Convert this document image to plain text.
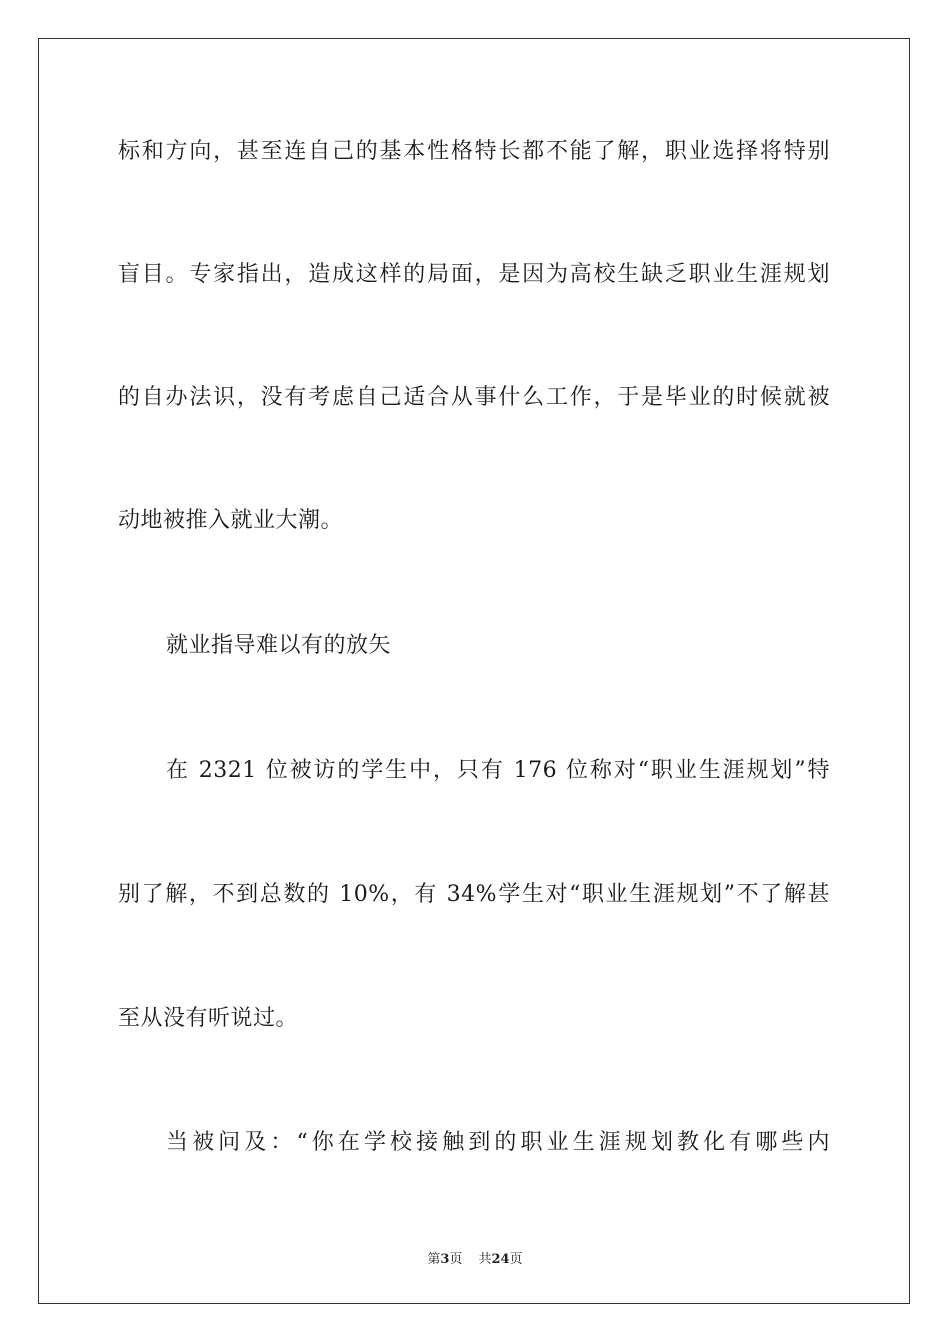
标和方向，甚至连自己的基本性格特长都不能了解，职业选择将特别
盲目。专家指出，造成这样的局面，是因为高校生缺乏职业生涯规划
的自办法识，没有考虑自己适合从事什么工作，于是毕业的时候就被
动地被推入就业大潮。
就业指导难以有的放矢
在 2321 位被访的学生中，只有 176 位称对“职业生涯规划”特
别了解，不到总数的 10%，有 34%学生对“职业生涯规划”不了解甚
至从没有听说过。
当被问及：“你在学校接触到的职业生涯规划教化有哪些内
第3页 共24页
